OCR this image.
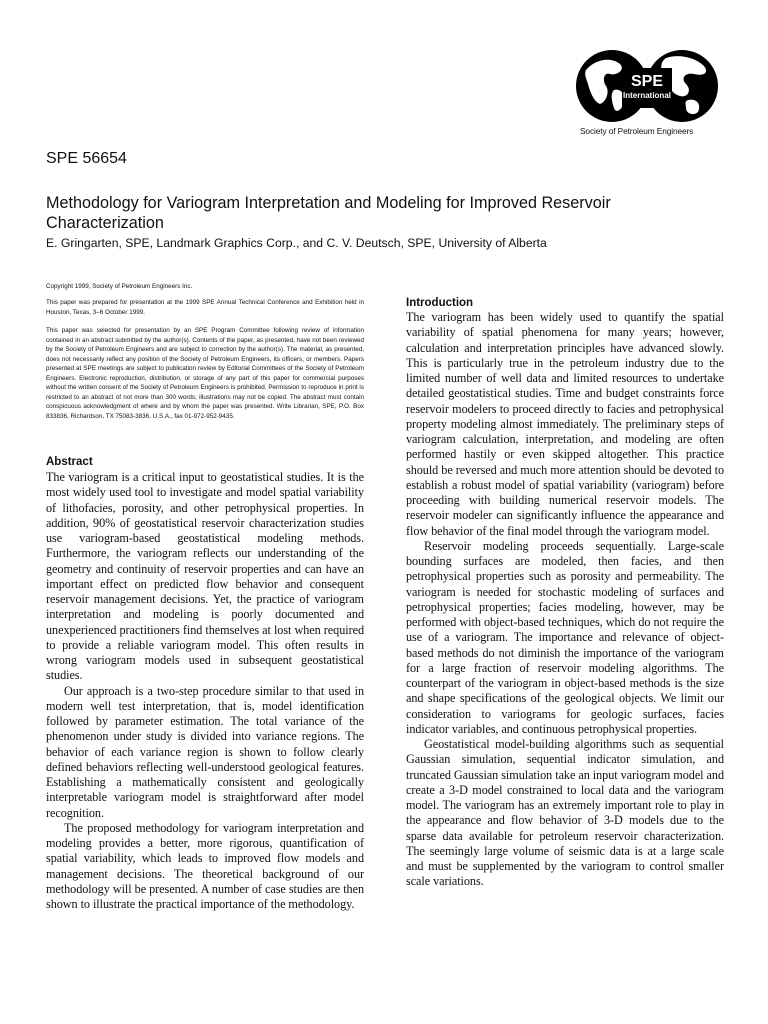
SPE
International
Society of Petroleum Engineers
SPE 56654
Methodology for Variogram Interpretation and Modeling for Improved Reservoir Characterization
E. Gringarten, SPE, Landmark Graphics Corp., and C. V. Deutsch, SPE, University of Alberta

Copyright 1999, Society of Petroleum Engineers Inc.

This paper was prepared for presentation at the 1999 SPE Annual Technical Conference and Exhibition held in Houston, Texas, 3–6 October 1999.

This paper was selected for presentation by an SPE Program Committee following review of information contained in an abstract submitted by the author(s). Contents of the paper, as presented, have not been reviewed by the Society of Petroleum Engineers and are subject to correction by the author(s). The material, as presented, does not necessarily reflect any position of the Society of Petroleum Engineers, its officers, or members. Papers presented at SPE meetings are subject to publication review by Editorial Committees of the Society of Petroleum Engineers. Electronic reproduction, distribution, or storage of any part of this paper for commercial purposes without the written consent of the Society of Petroleum Engineers is prohibited. Permission to reproduce in print is restricted to an abstract of not more than 300 words; illustrations may not be copied. The abstract must contain conspicuous acknowledgment of where and by whom the paper was presented. Write Librarian, SPE, P.O. Box 833836, Richardson, TX 75083-3836, U.S.A., fax 01-972-952-9435.

Abstract

The variogram is a critical input to geostatistical studies. It is the most widely used tool to investigate and model spatial variability of lithofacies, porosity, and other petrophysical properties. In addition, 90% of geostatistical reservoir characterization studies use variogram-based geostatistical modeling methods. Furthermore, the variogram reflects our understanding of the geometry and continuity of reservoir properties and can have an important effect on predicted flow behavior and consequent reservoir management decisions. Yet, the practice of variogram interpretation and modeling is poorly documented and unexperienced practitioners find themselves at lost when required to provide a reliable variogram model. This often results in wrong variogram models used in subsequent geostatistical studies.

Our approach is a two-step procedure similar to that used in modern well test interpretation, that is, model identification followed by parameter estimation. The total variance of the phenomenon under study is divided into variance regions. The behavior of each variance region is shown to follow clearly defined behaviors reflecting well-understood geological features. Establishing a mathematically consistent and geologically interpretable variogram model is straightforward after model recognition.

The proposed methodology for variogram interpretation and modeling provides a better, more rigorous, quantification of spatial variability, which leads to improved flow models and management decisions. The theoretical background of our methodology will be presented. A number of case studies are then shown to illustrate the practical importance of the methodology.

Introduction

The variogram has been widely used to quantify the spatial variability of spatial phenomena for many years; however, calculation and interpretation principles have advanced slowly. This is particularly true in the petroleum industry due to the limited number of well data and limited resources to undertake detailed geostatistical studies. Time and budget constraints force reservoir modelers to proceed directly to facies and petrophysical property modeling almost immediately. The preliminary steps of variogram calculation, interpretation, and modeling are often performed hastily or even skipped altogether. This practice should be reversed and much more attention should be devoted to establish a robust model of spatial variability (variogram) before proceeding with building numerical reservoir models. The reservoir modeler can significantly influence the appearance and flow behavior of the final model through the variogram model.

Reservoir modeling proceeds sequentially. Large-scale bounding surfaces are modeled, then facies, and then petrophysical properties such as porosity and permeability. The variogram is needed for stochastic modeling of surfaces and petrophysical properties; facies modeling, however, may be performed with object-based techniques, which do not require the use of a variogram. The importance and relevance of object-based methods do not diminish the importance of the variogram for a large fraction of reservoir modeling algorithms. The counterpart of the variogram in object-based methods is the size and shape specifications of the geological objects. We limit our consideration to variograms for geologic surfaces, facies indicator variables, and continuous petrophysical properties.

Geostatistical model-building algorithms such as sequential Gaussian simulation, sequential indicator simulation, and truncated Gaussian simulation take an input variogram model and create a 3-D model constrained to local data and the variogram model. The variogram has an extremely important role to play in the appearance and flow behavior of 3-D models due to the sparse data available for petroleum reservoir characterization. The seemingly large volume of seismic data is at a large scale and must be supplemented by the variogram to control smaller scale variations.
